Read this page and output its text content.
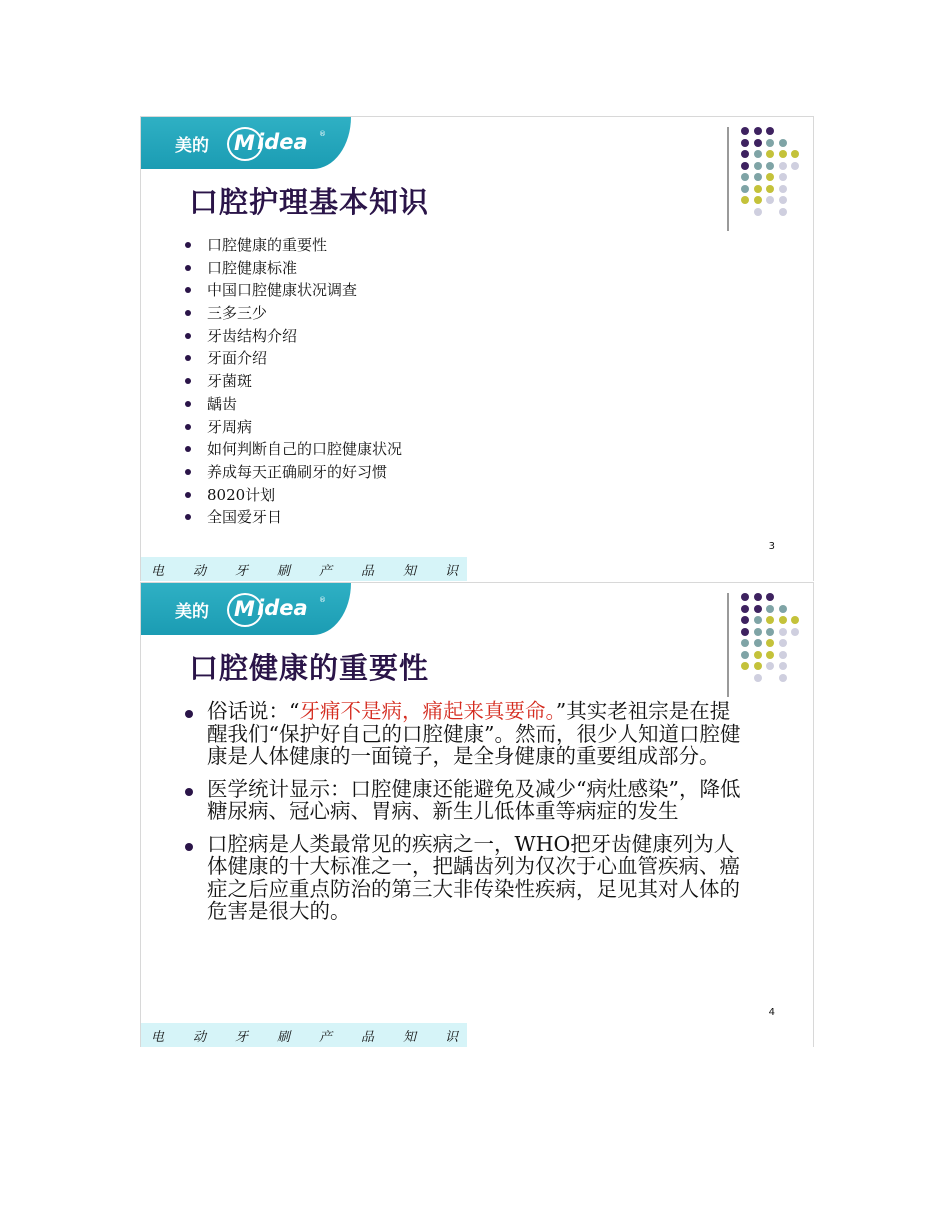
美的 M idea ®
口腔护理基本知识
口腔健康的重要性
口腔健康标准
中国口腔健康状况调查
三多三少
牙齿结构介绍
牙面介绍
牙菌斑
龋齿
牙周病
如何判断自己的口腔健康状况
养成每天正确刷牙的好习惯
8020计划
全国爱牙日
3
电 动 牙 刷 产 品 知 识
美的 M idea ®
口腔健康的重要性
俗话说：“牙痛不是病，痛起来真要命。”其实老祖宗是在提醒我们“保护好自己的口腔健康”。然而，很少人知道口腔健康是人体健康的一面镜子，是全身健康的重要组成部分。
医学统计显示：口腔健康还能避免及减少“病灶感染”，降低糖尿病、冠心病、胃病、新生儿低体重等病症的发生
口腔病是人类最常见的疾病之一，WHO把牙齿健康列为人体健康的十大标准之一，把龋齿列为仅次于心血管疾病、癌症之后应重点防治的第三大非传染性疾病，足见其对人体的危害是很大的。
4
电 动 牙 刷 产 品 知 识
